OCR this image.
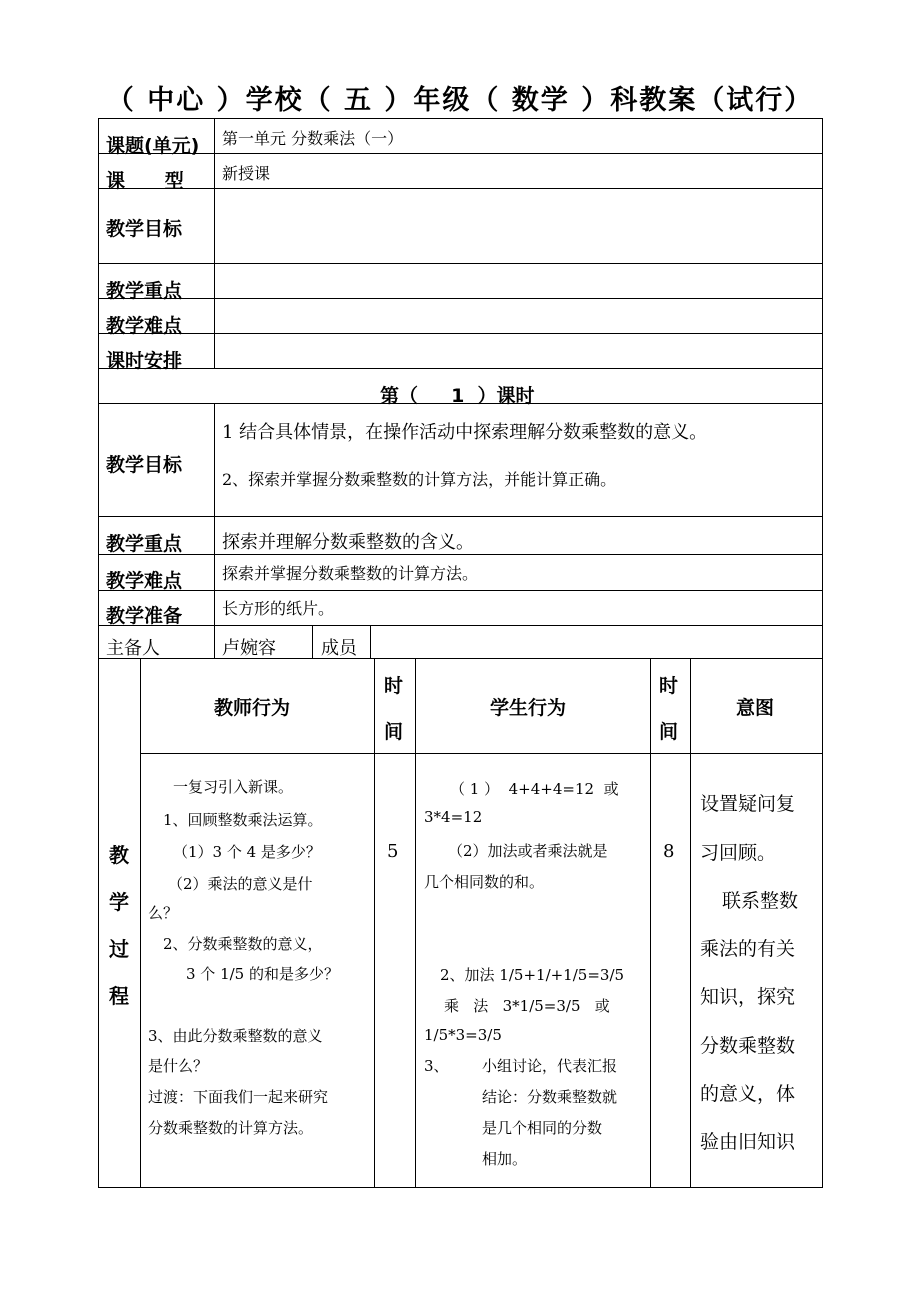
（ 中心 ）学校（ 五 ）年级（ 数学 ）科教案（试行）
课题(单元) 第一单元 分数乘法（一）
课      型 新授课
教学目标
教学重点
教学难点
课时安排
第（     1  ）课时
教学目标
1 结合具体情景，在操作活动中探索理解分数乘整数的意义。
2、探索并掌握分数乘整数的计算方法，并能计算正确。
教学重点 探索并理解分数乘整数的含义。
教学难点 探索并掌握分数乘整数的计算方法。
教学准备 长方形的纸片。
主备人	卢婉容	成员
教师行为
时
间
学生行为
时
间
意图
教
学
过
程
一复习引入新课。
1、回顾整数乘法运算。
（1）3 个 4 是多少？
（2）乘法的意义是什
么？
2、分数乘整数的意义，
3 个 1/5 的和是多少？
3、由此分数乘整数的意义
是什么？
过渡：下面我们一起来研究
分数乘整数的计算方法。
5
（ 1 ）  4+4+4=12  或
3*4=12
（2）加法或者乘法就是
几个相同数的和。
2、加法 1/5+1/+1/5=3/5
乘   法   3*1/5=3/5   或
1/5*3=3/5
3、 小组讨论，代表汇报
结论：分数乘整数就
是几个相同的分数
相加。
8
设置疑问复
习回顾。
联系整数
乘法的有关
知识，探究
分数乘整数
的意义，体
验由旧知识
